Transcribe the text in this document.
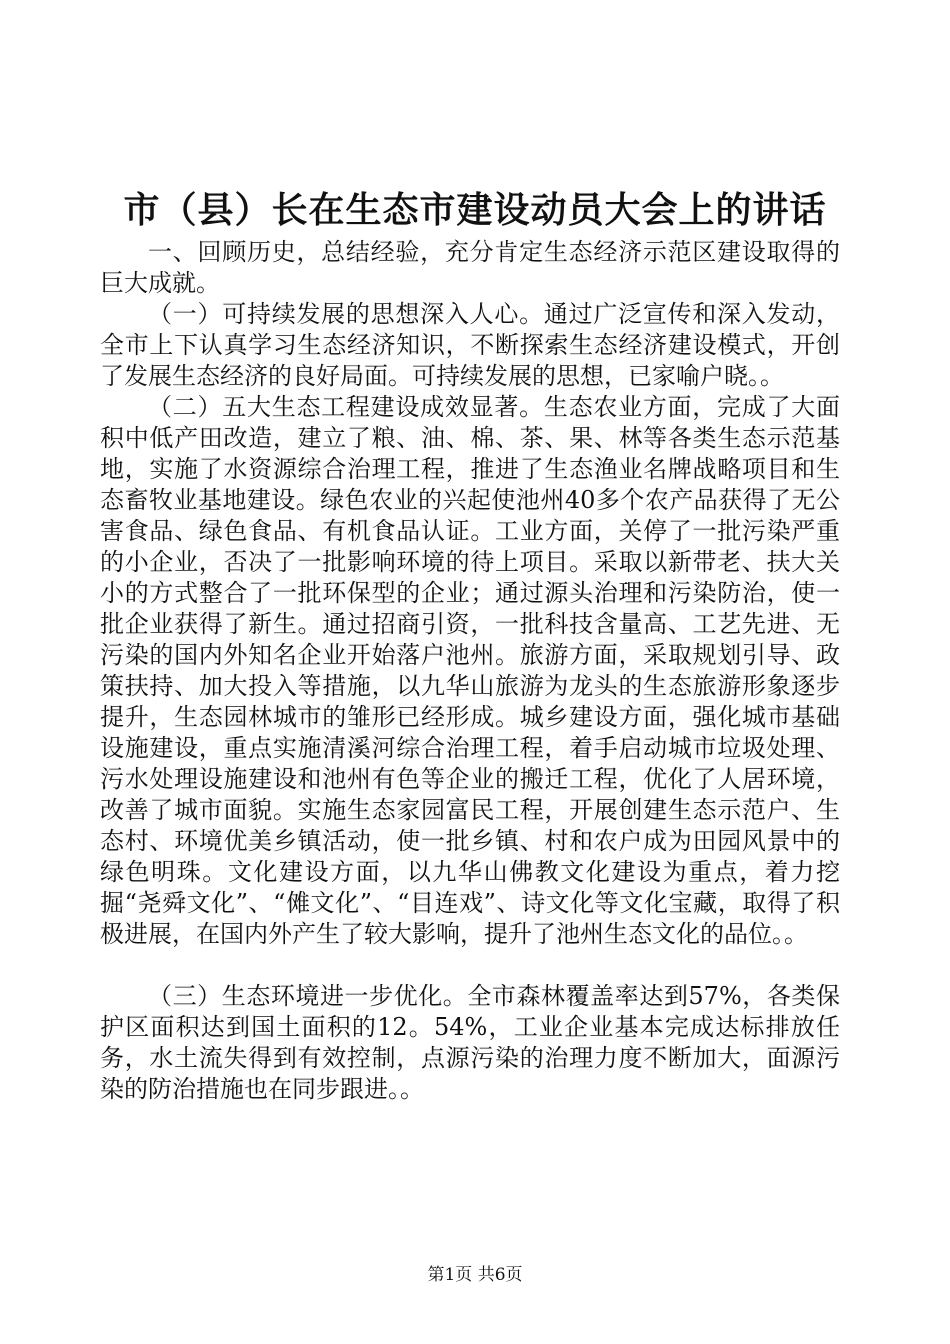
市（县）长在生态市建设动员大会上的讲话

一、回顾历史，总结经验，充分肯定生态经济示范区建设取得的巨大成就。

（一）可持续发展的思想深入人心。通过广泛宣传和深入发动，全市上下认真学习生态经济知识，不断探索生态经济建设模式，开创了发展生态经济的良好局面。可持续发展的思想，已家喻户晓。。

（二）五大生态工程建设成效显著。生态农业方面，完成了大面积中低产田改造，建立了粮、油、棉、茶、果、林等各类生态示范基地，实施了水资源综合治理工程，推进了生态渔业名牌战略项目和生态畜牧业基地建设。绿色农业的兴起使池州40多个农产品获得了无公害食品、绿色食品、有机食品认证。工业方面，关停了一批污染严重的小企业，否决了一批影响环境的待上项目。采取以新带老、扶大关小的方式整合了一批环保型的企业；通过源头治理和污染防治，使一批企业获得了新生。通过招商引资，一批科技含量高、工艺先进、无污染的国内外知名企业开始落户池州。旅游方面，采取规划引导、政策扶持、加大投入等措施，以九华山旅游为龙头的生态旅游形象逐步提升，生态园林城市的雏形已经形成。城乡建设方面，强化城市基础设施建设，重点实施清溪河综合治理工程，着手启动城市垃圾处理、污水处理设施建设和池州有色等企业的搬迁工程，优化了人居环境，改善了城市面貌。实施生态家园富民工程，开展创建生态示范户、生态村、环境优美乡镇活动，使一批乡镇、村和农户成为田园风景中的绿色明珠。文化建设方面，以九华山佛教文化建设为重点，着力挖掘“尧舜文化”、“傩文化”、“目连戏”、诗文化等文化宝藏，取得了积极进展，在国内外产生了较大影响，提升了池州生态文化的品位。。

（三）生态环境进一步优化。全市森林覆盖率达到57%，各类保护区面积达到国土面积的12。54%，工业企业基本完成达标排放任务，水土流失得到有效控制，点源污染的治理力度不断加大，面源污染的防治措施也在同步跟进。。

第1页 共6页
